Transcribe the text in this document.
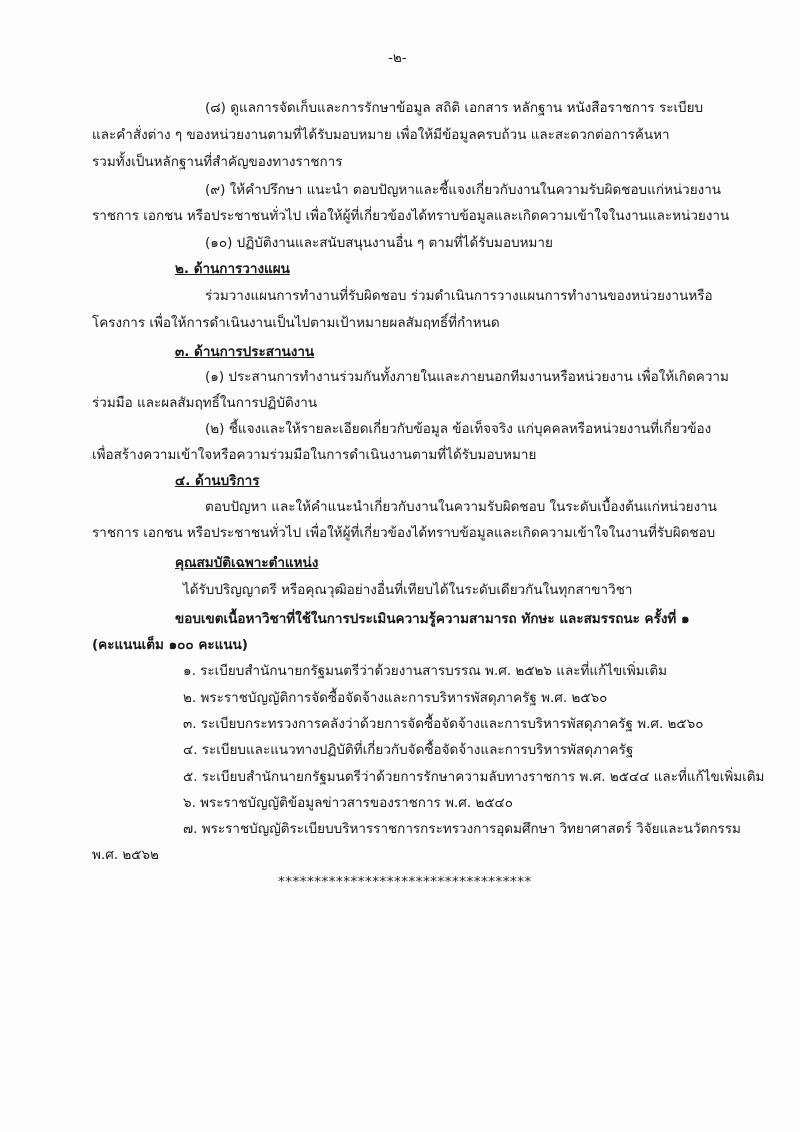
-๒-
(๘) ดูแลการจัดเก็บและการรักษาข้อมูล สถิติ เอกสาร หลักฐาน หนังสือราชการ ระเบียบ
และคำสั่งต่าง ๆ ของหน่วยงานตามที่ได้รับมอบหมาย เพื่อให้มีข้อมูลครบถ้วน และสะดวกต่อการค้นหา
รวมทั้งเป็นหลักฐานที่สำคัญของทางราชการ
(๙) ให้คำปรึกษา แนะนำ ตอบปัญหาและชี้แจงเกี่ยวกับงานในความรับผิดชอบแก่หน่วยงาน
ราชการ เอกชน หรือประชาชนทั่วไป เพื่อให้ผู้ที่เกี่ยวข้องได้ทราบข้อมูลและเกิดความเข้าใจในงานและหน่วยงาน
(๑๐) ปฏิบัติงานและสนับสนุนงานอื่น ๆ ตามที่ได้รับมอบหมาย
๒. ด้านการวางแผน
ร่วมวางแผนการทำงานที่รับผิดชอบ ร่วมดำเนินการวางแผนการทำงานของหน่วยงานหรือ
โครงการ เพื่อให้การดำเนินงานเป็นไปตามเป้าหมายผลสัมฤทธิ์ที่กำหนด
๓. ด้านการประสานงาน
(๑) ประสานการทำงานร่วมกันทั้งภายในและภายนอกทีมงานหรือหน่วยงาน เพื่อให้เกิดความ
ร่วมมือ และผลสัมฤทธิ์ในการปฏิบัติงาน
(๒) ชี้แจงและให้รายละเอียดเกี่ยวกับข้อมูล ข้อเท็จจริง แก่บุคคลหรือหน่วยงานที่เกี่ยวข้อง
เพื่อสร้างความเข้าใจหรือความร่วมมือในการดำเนินงานตามที่ได้รับมอบหมาย
๔. ด้านบริการ
ตอบปัญหา และให้คำแนะนำเกี่ยวกับงานในความรับผิดชอบ ในระดับเบื้องต้นแก่หน่วยงาน
ราชการ เอกชน หรือประชาชนทั่วไป เพื่อให้ผู้ที่เกี่ยวข้องได้ทราบข้อมูลและเกิดความเข้าใจในงานที่รับผิดชอบ
คุณสมบัติเฉพาะตำแหน่ง
ได้รับปริญญาตรี หรือคุณวุฒิอย่างอื่นที่เทียบได้ในระดับเดียวกันในทุกสาขาวิชา
ขอบเขตเนื้อหาวิชาที่ใช้ในการประเมินความรู้ความสามารถ ทักษะ และสมรรถนะ ครั้งที่ ๑
(คะแนนเต็ม ๑๐๐ คะแนน)
๑. ระเบียบสำนักนายกรัฐมนตรีว่าด้วยงานสารบรรณ พ.ศ. ๒๕๒๖ และที่แก้ไขเพิ่มเติม
๒. พระราชบัญญัติการจัดซื้อจัดจ้างและการบริหารพัสดุภาครัฐ พ.ศ. ๒๕๖๐
๓. ระเบียบกระทรวงการคลังว่าด้วยการจัดซื้อจัดจ้างและการบริหารพัสดุภาครัฐ พ.ศ. ๒๕๖๐
๔. ระเบียบและแนวทางปฏิบัติที่เกี่ยวกับจัดซื้อจัดจ้างและการบริหารพัสดุภาครัฐ
๕. ระเบียบสำนักนายกรัฐมนตรีว่าด้วยการรักษาความลับทางราชการ พ.ศ. ๒๕๔๔ และที่แก้ไขเพิ่มเติม
๖. พระราชบัญญัติข้อมูลข่าวสารของราชการ พ.ศ. ๒๕๔๐
๗. พระราชบัญญัติระเบียบบริหารราชการกระทรวงการอุดมศึกษา วิทยาศาสตร์ วิจัยและนวัตกรรม
พ.ศ. ๒๕๖๒
***********************************
